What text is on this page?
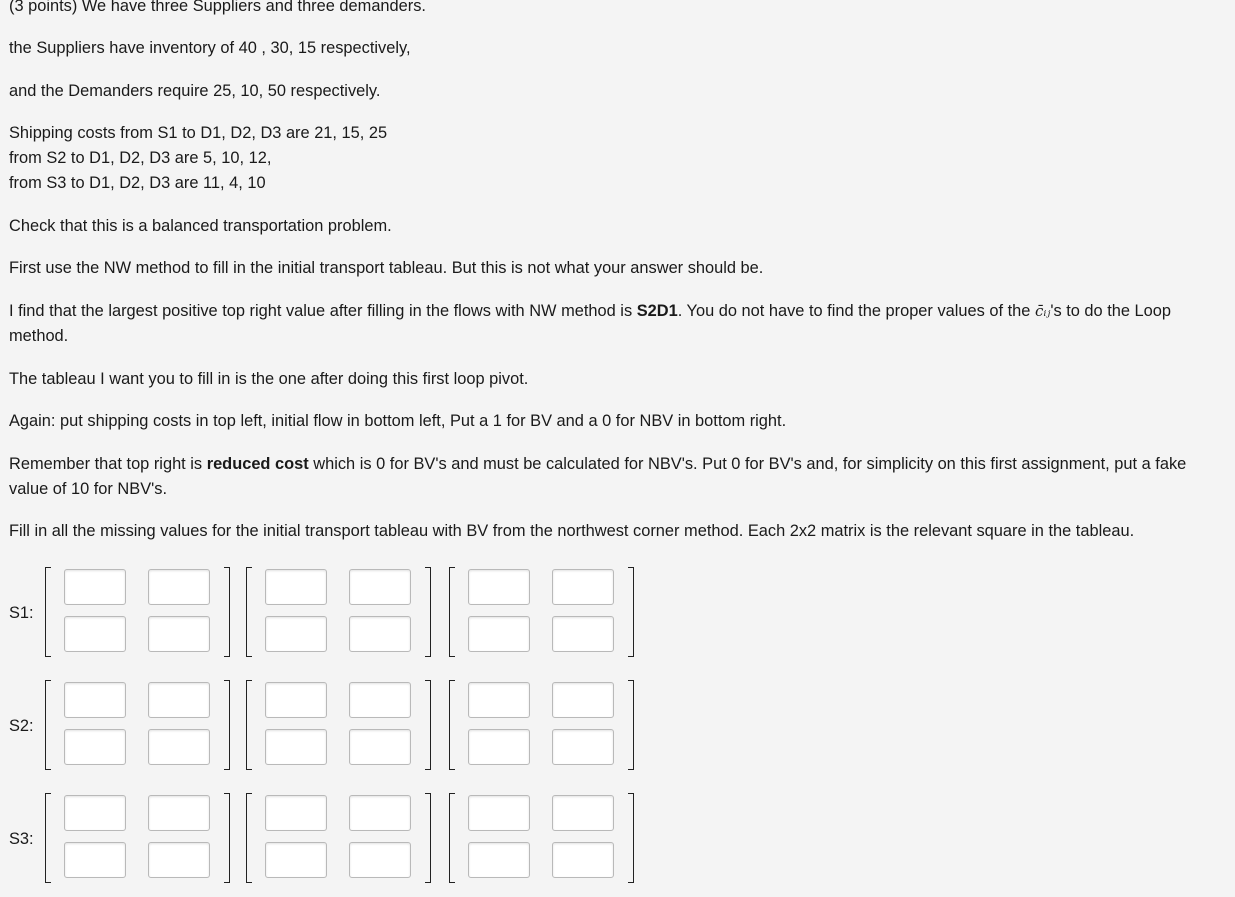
(3 points) We have three Suppliers and three demanders.
the Suppliers have inventory of 40 , 30, 15 respectively,
and the Demanders require 25, 10, 50 respectively.
Shipping costs from S1 to D1, D2, D3 are 21, 15, 25
from S2 to D1, D2, D3 are 5, 10, 12,
from S3 to D1, D2, D3 are 11, 4, 10
Check that this is a balanced transportation problem.
First use the NW method to fill in the initial transport tableau. But this is not what your answer should be.
I find that the largest positive top right value after filling in the flows with NW method is S2D1. You do not have to find the proper values of the c̄ᵢⱼ's to do the Loop method.
The tableau I want you to fill in is the one after doing this first loop pivot.
Again: put shipping costs in top left, initial flow in bottom left, Put a 1 for BV and a 0 for NBV in bottom right.
Remember that top right is reduced cost which is 0 for BV's and must be calculated for NBV's. Put 0 for BV's and, for simplicity on this first assignment, put a fake value of 10 for NBV's.
Fill in all the missing values for the initial transport tableau with BV from the northwest corner method. Each 2x2 matrix is the relevant square in the tableau.
S1:
S2:
S3:
